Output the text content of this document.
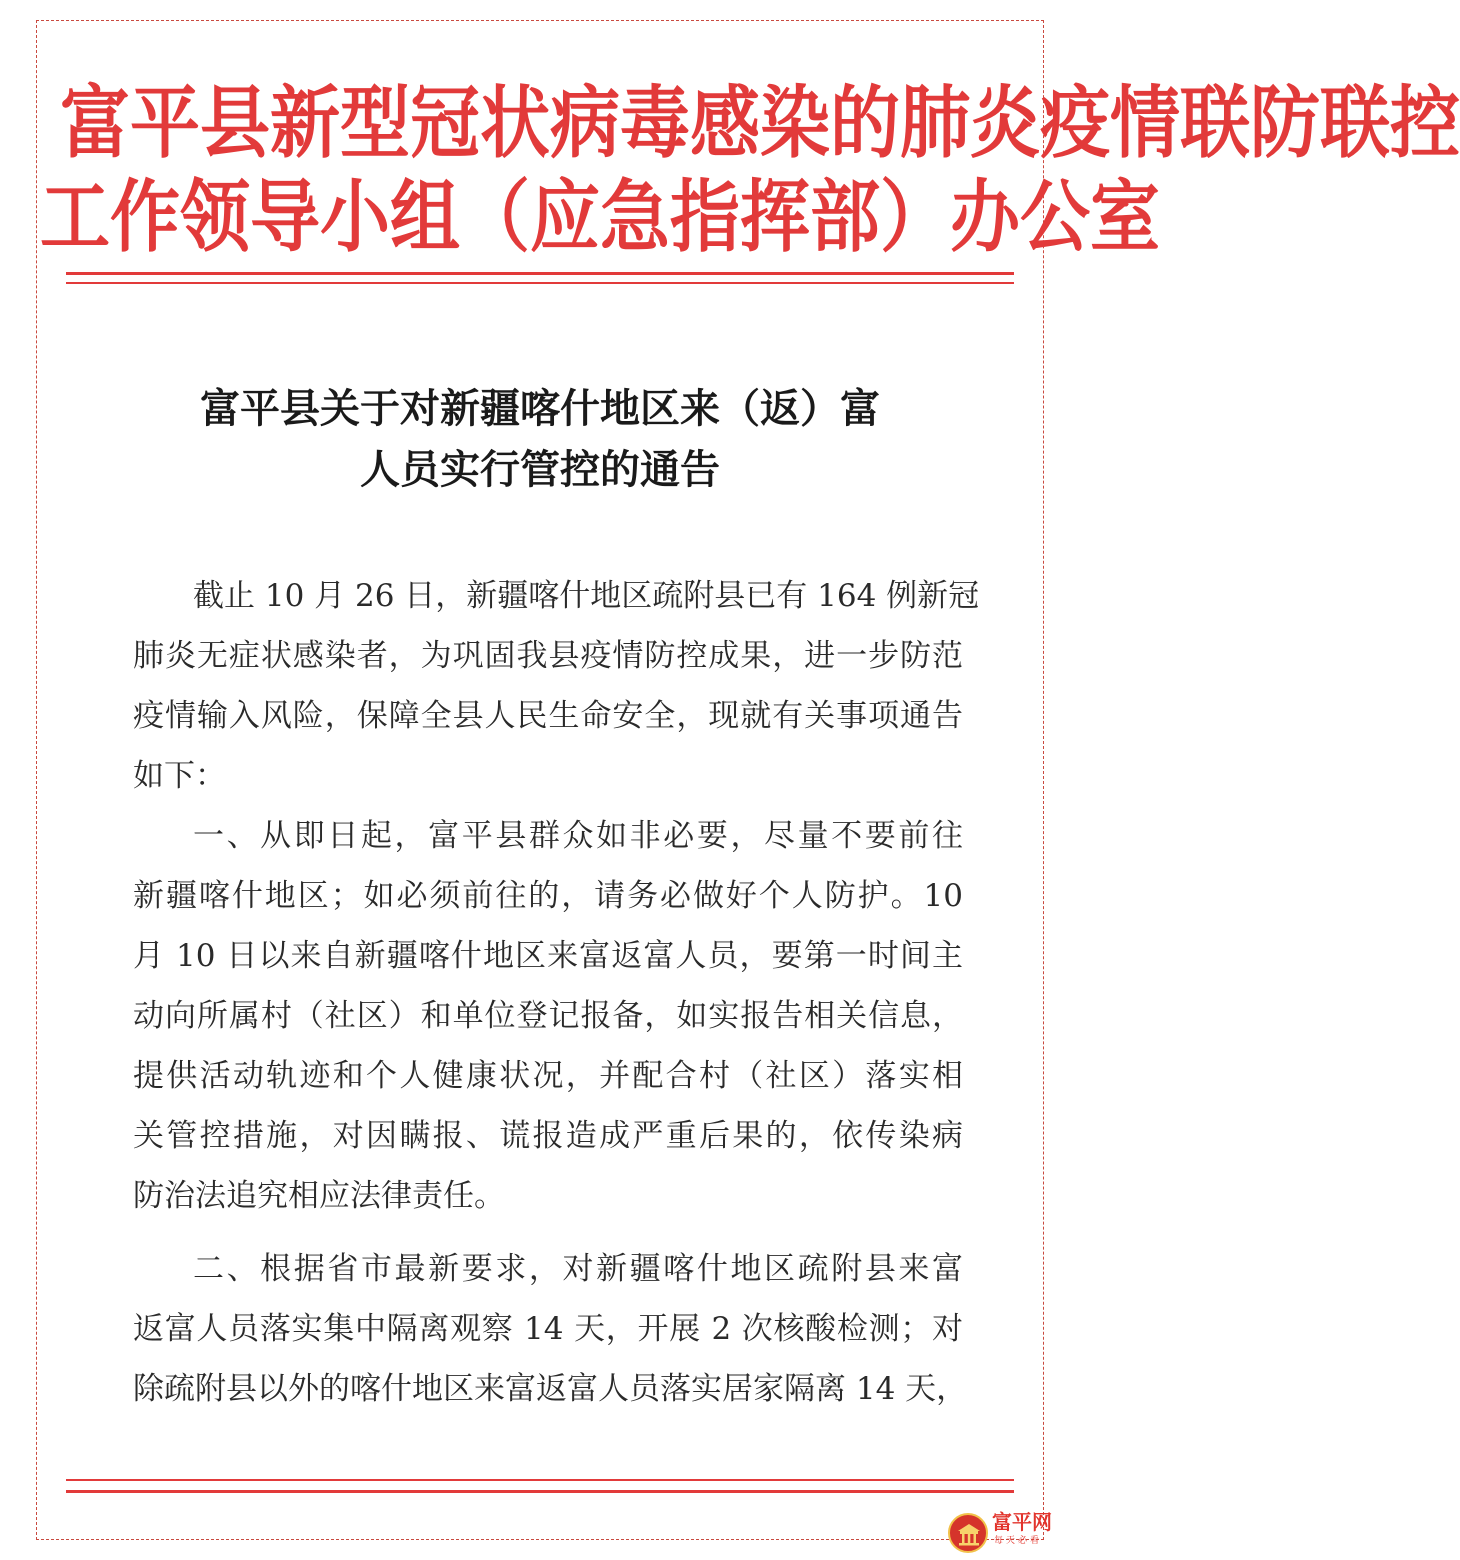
富平县新型冠状病毒感染的肺炎疫情联防联控
工作领导小组（应急指挥部）办公室
富平县关于对新疆喀什地区来（返）富
人员实行管控的通告
截止 10 月 26 日，新疆喀什地区疏附县已有 164 例新冠
肺炎无症状感染者，为巩固我县疫情防控成果，进一步防范
疫情输入风险，保障全县人民生命安全，现就有关事项通告
如下：
一、从即日起，富平县群众如非必要，尽量不要前往
新疆喀什地区；如必须前往的，请务必做好个人防护。10
月 10 日以来自新疆喀什地区来富返富人员，要第一时间主
动向所属村（社区）和单位登记报备，如实报告相关信息，
提供活动轨迹和个人健康状况，并配合村（社区）落实相
关管控措施，对因瞒报、谎报造成严重后果的，依传染病
防治法追究相应法律责任。
二、根据省市最新要求，对新疆喀什地区疏附县来富
返富人员落实集中隔离观察 14 天，开展 2 次核酸检测；对
除疏附县以外的喀什地区来富返富人员落实居家隔离 14 天，
富平网
每天必看
